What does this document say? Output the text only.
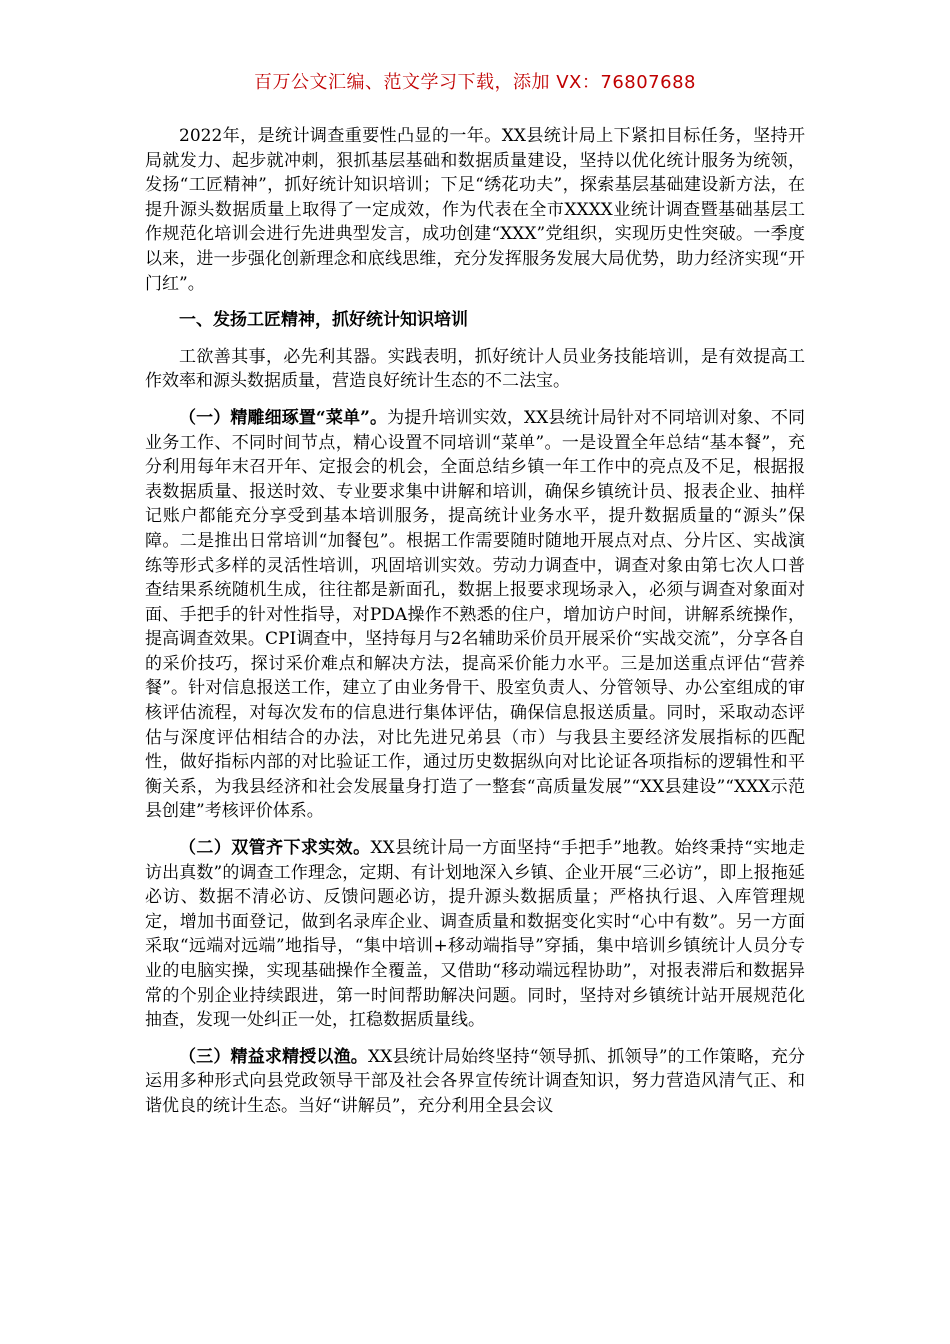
百万公文汇编、范文学习下载，添加 VX：76807688

2022年，是统计调查重要性凸显的一年。XX县统计局上下紧扣目标任务，坚持开局就发力、起步就冲刺，狠抓基层基础和数据质量建设，坚持以优化统计服务为统领，发扬“工匠精神”，抓好统计知识培训；下足“绣花功夫”，探索基层基础建设新方法，在提升源头数据质量上取得了一定成效，作为代表在全市XXXX业统计调查暨基础基层工作规范化培训会进行先进典型发言，成功创建“XXX”党组织，实现历史性突破。一季度以来，进一步强化创新理念和底线思维，充分发挥服务发展大局优势，助力经济实现“开门红”。

一、发扬工匠精神，抓好统计知识培训

工欲善其事，必先利其器。实践表明，抓好统计人员业务技能培训，是有效提高工作效率和源头数据质量，营造良好统计生态的不二法宝。

（一）精雕细琢置“菜单”。为提升培训实效，XX县统计局针对不同培训对象、不同业务工作、不同时间节点，精心设置不同培训“菜单”。一是设置全年总结“基本餐”，充分利用每年末召开年、定报会的机会，全面总结乡镇一年工作中的亮点及不足，根据报表数据质量、报送时效、专业要求集中讲解和培训，确保乡镇统计员、报表企业、抽样记账户都能充分享受到基本培训服务，提高统计业务水平，提升数据质量的“源头”保障。二是推出日常培训“加餐包”。根据工作需要随时随地开展点对点、分片区、实战演练等形式多样的灵活性培训，巩固培训实效。劳动力调查中，调查对象由第七次人口普查结果系统随机生成，往往都是新面孔，数据上报要求现场录入，必须与调查对象面对面、手把手的针对性指导，对PDA操作不熟悉的住户，增加访户时间，讲解系统操作，提高调查效果。CPI调查中，坚持每月与2名辅助采价员开展采价“实战交流”，分享各自的采价技巧，探讨采价难点和解决方法，提高采价能力水平。三是加送重点评估“营养餐”。针对信息报送工作，建立了由业务骨干、股室负责人、分管领导、办公室组成的审核评估流程，对每次发布的信息进行集体评估，确保信息报送质量。同时，采取动态评估与深度评估相结合的办法，对比先进兄弟县（市）与我县主要经济发展指标的匹配性，做好指标内部的对比验证工作，通过历史数据纵向对比论证各项指标的逻辑性和平衡关系，为我县经济和社会发展量身打造了一整套“高质量发展”“XX县建设”“XXX示范县创建”考核评价体系。

（二）双管齐下求实效。XX县统计局一方面坚持“手把手”地教。始终秉持“实地走访出真数”的调查工作理念，定期、有计划地深入乡镇、企业开展“三必访”，即上报拖延必访、数据不清必访、反馈问题必访，提升源头数据质量；严格执行退、入库管理规定，增加书面登记，做到名录库企业、调查质量和数据变化实时“心中有数”。另一方面采取“远端对远端”地指导，“集中培训+移动端指导”穿插，集中培训乡镇统计人员分专业的电脑实操，实现基础操作全覆盖，又借助“移动端远程协助”，对报表滞后和数据异常的个别企业持续跟进，第一时间帮助解决问题。同时，坚持对乡镇统计站开展规范化抽查，发现一处纠正一处，扛稳数据质量线。

（三）精益求精授以渔。XX县统计局始终坚持“领导抓、抓领导”的工作策略，充分运用多种形式向县党政领导干部及社会各界宣传统计调查知识，努力营造风清气正、和谐优良的统计生态。当好“讲解员”，充分利用全县会议
